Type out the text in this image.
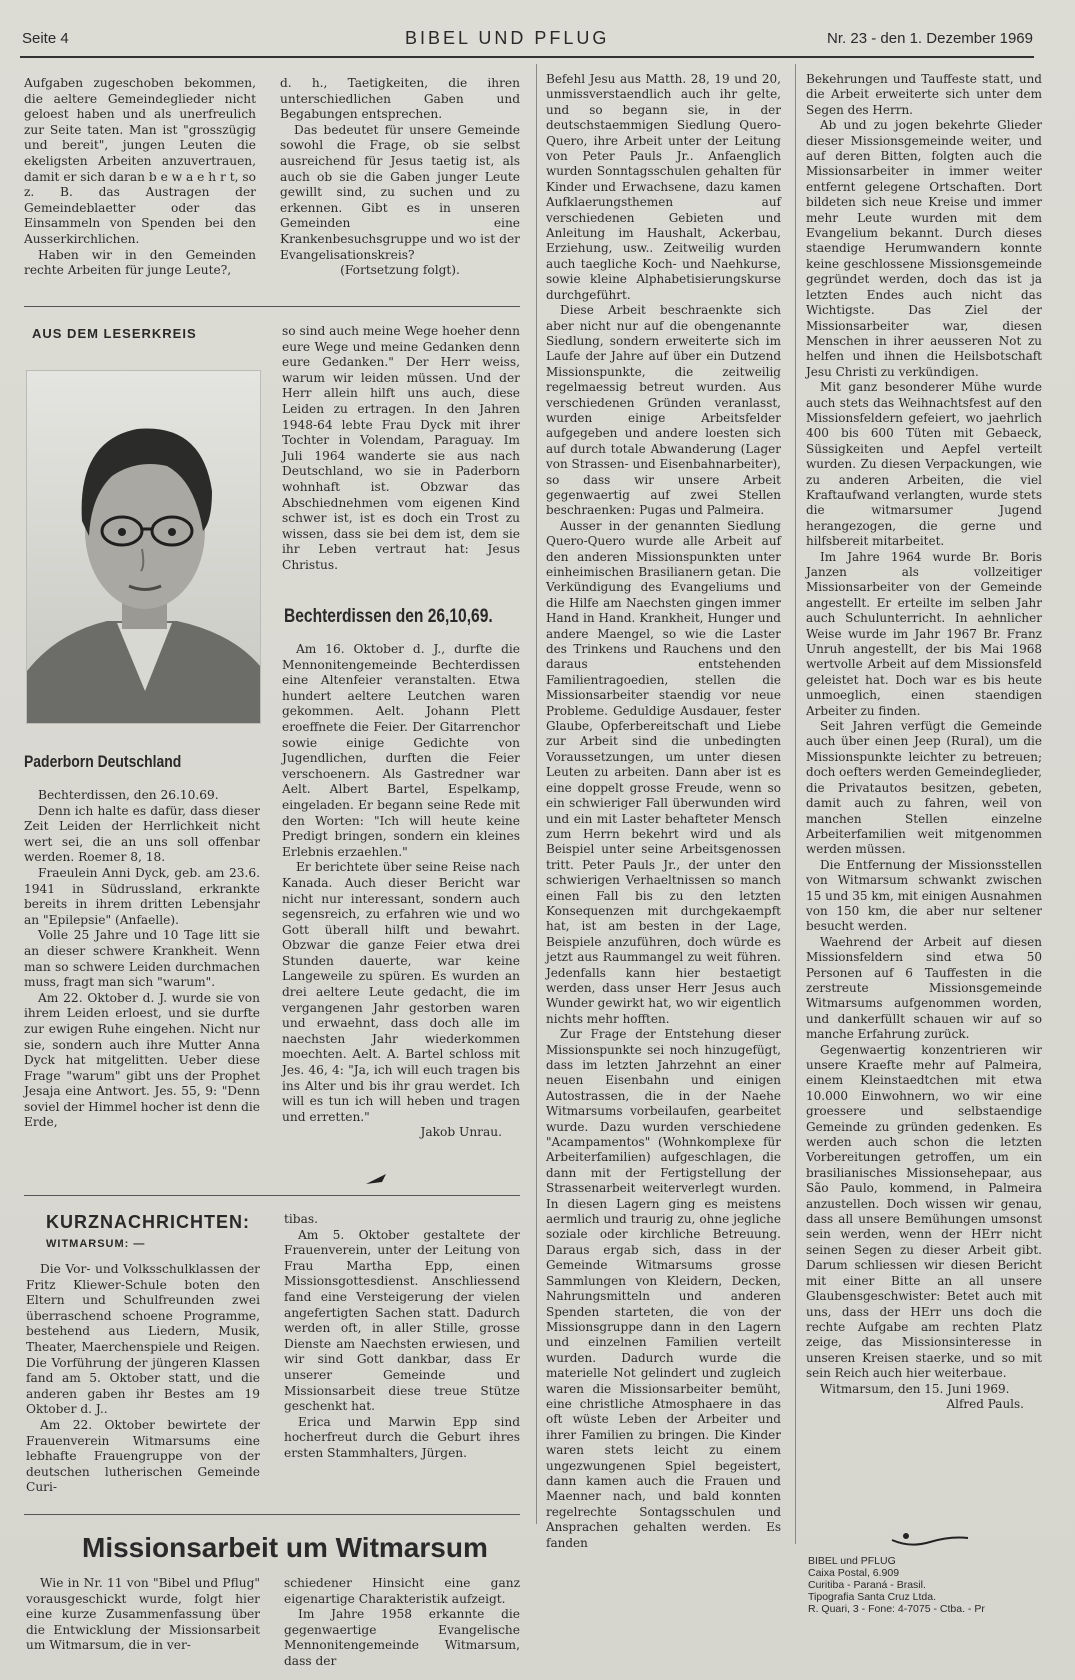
Seite 4	BIBEL UND PFLUG	Nr. 23 - den 1. Dezember 1969

Aufgaben zugeschoben bekommen, die aeltere Gemeindeglieder nicht geloest haben und als unerfreulich zur Seite taten. Man ist "grosszügig und bereit", jungen Leuten die ekeligsten Arbeiten anzuvertrauen, damit er sich daran b e w a e h r t, so z. B. das Austragen der Gemeindeblaetter oder das Einsammeln von Spenden bei den Ausserkirchlichen.

Haben wir in den Gemeinden rechte Arbeiten für junge Leute?,

d. h., Taetigkeiten, die ihren unterschiedlichen Gaben und Begabungen entsprechen.

Das bedeutet für unsere Gemeinde sowohl die Frage, ob sie selbst ausreichend für Jesus taetig ist, als auch ob sie die Gaben junger Leute gewillt sind, zu suchen und zu erkennen. Gibt es in unseren Gemeinden eine Krankenbesuchsgruppe und wo ist der Evangelisationskreis?

(Fortsetzung folgt).

AUS DEM LESERKREIS
Paderborn Deutschland

Bechterdissen, den 26.10.69.

Denn ich halte es dafür, dass dieser Zeit Leiden der Herrlichkeit nicht wert sei, die an uns soll offenbar werden. Roemer 8, 18.

Fraeulein Anni Dyck, geb. am 23.6. 1941 in Südrussland, erkrankte bereits in ihrem dritten Lebensjahr an "Epilepsie" (Anfaelle).

Volle 25 Jahre und 10 Tage litt sie an dieser schwere Krankheit. Wenn man so schwere Leiden durchmachen muss, fragt man sich "warum".

Am 22. Oktober d. J. wurde sie von ihrem Leiden erloest, und sie durfte zur ewigen Ruhe eingehen. Nicht nur sie, sondern auch ihre Mutter Anna Dyck hat mitgelitten. Ueber diese Frage "warum" gibt uns der Prophet Jesaja eine Antwort. Jes. 55, 9: "Denn soviel der Himmel hocher ist denn die Erde,

so sind auch meine Wege hoeher denn eure Wege und meine Gedanken denn eure Gedanken." Der Herr weiss, warum wir leiden müssen. Und der Herr allein hilft uns auch, diese Leiden zu ertragen. In den Jahren 1948-64 lebte Frau Dyck mit ihrer Tochter in Volendam, Paraguay. Im Juli 1964 wanderte sie aus nach Deutschland, wo sie in Paderborn wohnhaft ist. Obzwar das Abschiednehmen vom eigenen Kind schwer ist, ist es doch ein Trost zu wissen, dass sie bei dem ist, dem sie ihr Leben vertraut hat: Jesus Christus.

Bechterdissen den 26,10,69.

Am 16. Oktober d. J., durfte die Mennonitengemeinde Bechterdissen eine Altenfeier veranstalten. Etwa hundert aeltere Leutchen waren gekommen. Aelt. Johann Plett eroeffnete die Feier. Der Gitarrenchor sowie einige Gedichte von Jugendlichen, durften die Feier verschoenern. Als Gastredner war Aelt. Albert Bartel, Espelkamp, eingeladen. Er begann seine Rede mit den Worten: "Ich will heute keine Predigt bringen, sondern ein kleines Erlebnis erzaehlen."

Er berichtete über seine Reise nach Kanada. Auch dieser Bericht war nicht nur interessant, sondern auch segensreich, zu erfahren wie und wo Gott überall hilft und bewahrt. Obzwar die ganze Feier etwa drei Stunden dauerte, war keine Langeweile zu spüren. Es wurden an drei aeltere Leute gedacht, die im vergangenen Jahr gestorben waren und erwaehnt, dass doch alle im naechsten Jahr wiederkommen moechten. Aelt. A. Bartel schloss mit Jes. 46, 4: "Ja, ich will euch tragen bis ins Alter und bis ihr grau werdet. Ich will es tun ich will heben und tragen und erretten."

Jakob Unrau.

KURZNACHRICHTEN:
WITMARSUM: —

Die Vor- und Volksschulklassen der Fritz Kliewer-Schule boten den Eltern und Schulfreunden zwei überraschend schoene Programme, bestehend aus Liedern, Musik, Theater, Maerchenspiele und Reigen. Die Vorführung der jüngeren Klassen fand am 5. Oktober statt, und die anderen gaben ihr Bestes am 19 Oktober d. J..

Am 22. Oktober bewirtete der Frauenverein Witmarsums eine lebhafte Frauengruppe von der deutschen lutherischen Gemeinde Curi-

tibas.

Am 5. Oktober gestaltete der Frauenverein, unter der Leitung von Frau Martha Epp, einen Missionsgottesdienst. Anschliessend fand eine Versteigerung der vielen angefertigten Sachen statt. Dadurch werden oft, in aller Stille, grosse Dienste am Naechsten erwiesen, und wir sind Gott dankbar, dass Er unserer Gemeinde und Missionsarbeit diese treue Stütze geschenkt hat.

Erica und Marwin Epp sind hocherfreut durch die Geburt ihres ersten Stammhalters, Jürgen.

Missionsarbeit um Witmarsum

Wie in Nr. 11 von "Bibel und Pflug" vorausgeschickt wurde, folgt hier eine kurze Zusammenfassung über die Entwicklung der Missionsarbeit um Witmarsum, die in ver-

schiedener Hinsicht eine ganz eigenartige Charakteristik aufzeigt.

Im Jahre 1958 erkannte die gegenwaertige Evangelische Mennonitengemeinde Witmarsum, dass der

Befehl Jesu aus Matth. 28, 19 und 20, unmissverstaendlich auch ihr gelte, und so begann sie, in der deutschstaemmigen Siedlung Quero-Quero, ihre Arbeit unter der Leitung von Peter Pauls Jr.. Anfaenglich wurden Sonntagsschulen gehalten für Kinder und Erwachsene, dazu kamen Aufklaerungsthemen auf verschiedenen Gebieten und Anleitung im Haushalt, Ackerbau, Erziehung, usw.. Zeitweilig wurden auch taegliche Koch- und Naehkurse, sowie kleine Alphabetisierungskurse durchgeführt.

Diese Arbeit beschraenkte sich aber nicht nur auf die obengenannte Siedlung, sondern erweiterte sich im Laufe der Jahre auf über ein Dutzend Missionspunkte, die zeitweilig regelmaessig betreut wurden. Aus verschiedenen Gründen veranlasst, wurden einige Arbeitsfelder aufgegeben und andere loesten sich auf durch totale Abwanderung (Lager von Strassen- und Eisenbahnarbeiter), so dass wir unsere Arbeit gegenwaertig auf zwei Stellen beschraenken: Pugas und Palmeira.

Ausser in der genannten Siedlung Quero-Quero wurde alle Arbeit auf den anderen Missionspunkten unter einheimischen Brasilianern getan. Die Verkündigung des Evangeliums und die Hilfe am Naechsten gingen immer Hand in Hand. Krankheit, Hunger und andere Maengel, so wie die Laster des Trinkens und Rauchens und den daraus entstehenden Familientragoedien, stellen die Missionsarbeiter staendig vor neue Probleme. Geduldige Ausdauer, fester Glaube, Opferbereitschaft und Liebe zur Arbeit sind die unbedingten Voraussetzungen, um unter diesen Leuten zu arbeiten. Dann aber ist es eine doppelt grosse Freude, wenn so ein schwieriger Fall überwunden wird und ein mit Laster behafteter Mensch zum Herrn bekehrt wird und als Beispiel unter seine Arbeitsgenossen tritt. Peter Pauls Jr., der unter den schwierigen Verhaeltnissen so manch einen Fall bis zu den letzten Konsequenzen mit durchgekaempft hat, ist am besten in der Lage, Beispiele anzuführen, doch würde es jetzt aus Raummangel zu weit führen. Jedenfalls kann hier bestaetigt werden, dass unser Herr Jesus auch Wunder gewirkt hat, wo wir eigentlich nichts mehr hofften.

Zur Frage der Entstehung dieser Missionspunkte sei noch hinzugefügt, dass im letzten Jahrzehnt an einer neuen Eisenbahn und einigen Autostrassen, die in der Naehe Witmarsums vorbeilaufen, gearbeitet wurde. Dazu wurden verschiedene "Acampamentos" (Wohnkomplexe für Arbeiterfamilien) aufgeschlagen, die dann mit der Fertigstellung der Strassenarbeit weiterverlegt wurden. In diesen Lagern ging es meistens aermlich und traurig zu, ohne jegliche soziale oder kirchliche Betreuung. Daraus ergab sich, dass in der Gemeinde Witmarsums grosse Sammlungen von Kleidern, Decken, Nahrungsmitteln und anderen Spenden starteten, die von der Missionsgruppe dann in den Lagern und einzelnen Familien verteilt wurden. Dadurch wurde die materielle Not gelindert und zugleich waren die Missionsarbeiter bemüht, eine christliche Atmosphaere in das oft wüste Leben der Arbeiter und ihrer Familien zu bringen. Die Kinder waren stets leicht zu einem ungezwungenen Spiel begeistert, dann kamen auch die Frauen und Maenner nach, und bald konnten regelrechte Sontagsschulen und Ansprachen gehalten werden. Es fanden

Bekehrungen und Tauffeste statt, und die Arbeit erweiterte sich unter dem Segen des Herrn.

Ab und zu jogen bekehrte Glieder dieser Missionsgemeinde weiter, und auf deren Bitten, folgten auch die Missionsarbeiter in immer weiter entfernt gelegene Ortschaften. Dort bildeten sich neue Kreise und immer mehr Leute wurden mit dem Evangelium bekannt. Durch dieses staendige Herumwandern konnte keine geschlossene Missionsgemeinde gegründet werden, doch das ist ja letzten Endes auch nicht das Wichtigste. Das Ziel der Missionsarbeiter war, diesen Menschen in ihrer aeusseren Not zu helfen und ihnen die Heilsbotschaft Jesu Christi zu verkündigen.

Mit ganz besonderer Mühe wurde auch stets das Weihnachtsfest auf den Missionsfeldern gefeiert, wo jaehrlich 400 bis 600 Tüten mit Gebaeck, Süssigkeiten und Aepfel verteilt wurden. Zu diesen Verpackungen, wie zu anderen Arbeiten, die viel Kraftaufwand verlangten, wurde stets die witmarsumer Jugend herangezogen, die gerne und hilfsbereit mitarbeitet.

Im Jahre 1964 wurde Br. Boris Janzen als vollzeitiger Missionsarbeiter von der Gemeinde angestellt. Er erteilte im selben Jahr auch Schulunterricht. In aehnlicher Weise wurde im Jahr 1967 Br. Franz Unruh angestellt, der bis Mai 1968 wertvolle Arbeit auf dem Missionsfeld geleistet hat. Doch war es bis heute unmoeglich, einen staendigen Arbeiter zu finden.

Seit Jahren verfügt die Gemeinde auch über einen Jeep (Rural), um die Missionspunkte leichter zu betreuen; doch oefters werden Gemeindeglieder, die Privatautos besitzen, gebeten, damit auch zu fahren, weil von manchen Stellen einzelne Arbeiterfamilien weit mitgenommen werden müssen.

Die Entfernung der Missionsstellen von Witmarsum schwankt zwischen 15 und 35 km, mit einigen Ausnahmen von 150 km, die aber nur seltener besucht werden.

Waehrend der Arbeit auf diesen Missionsfeldern sind etwa 50 Personen auf 6 Tauffesten in die zerstreute Missionsgemeinde Witmarsums aufgenommen worden, und dankerfüllt schauen wir auf so manche Erfahrung zurück.

Gegenwaertig konzentrieren wir unsere Kraefte mehr auf Palmeira, einem Kleinstaedtchen mit etwa 10.000 Einwohnern, wo wir eine groessere und selbstaendige Gemeinde zu gründen gedenken. Es werden auch schon die letzten Vorbereitungen getroffen, um ein brasilianisches Missionsehepaar, aus São Paulo, kommend, in Palmeira anzustellen. Doch wissen wir genau, dass all unsere Bemühungen umsonst sein werden, wenn der HErr nicht seinen Segen zu dieser Arbeit gibt. Darum schliessen wir diesen Bericht mit einer Bitte an all unsere Glaubensgeschwister: Betet auch mit uns, dass der HErr uns doch die rechte Aufgabe am rechten Platz zeige, das Missionsinteresse in unseren Kreisen staerke, und so mit sein Reich auch hier weiterbaue.

Witmarsum, den 15. Juni 1969.

Alfred Pauls.

BIBEL und PFLUG
Caixa Postal, 6.909
Curitiba - Paraná - Brasil.
Tipografia Santa Cruz Ltda.
R. Quari, 3 - Fone: 4-7075 - Ctba. - Pr
